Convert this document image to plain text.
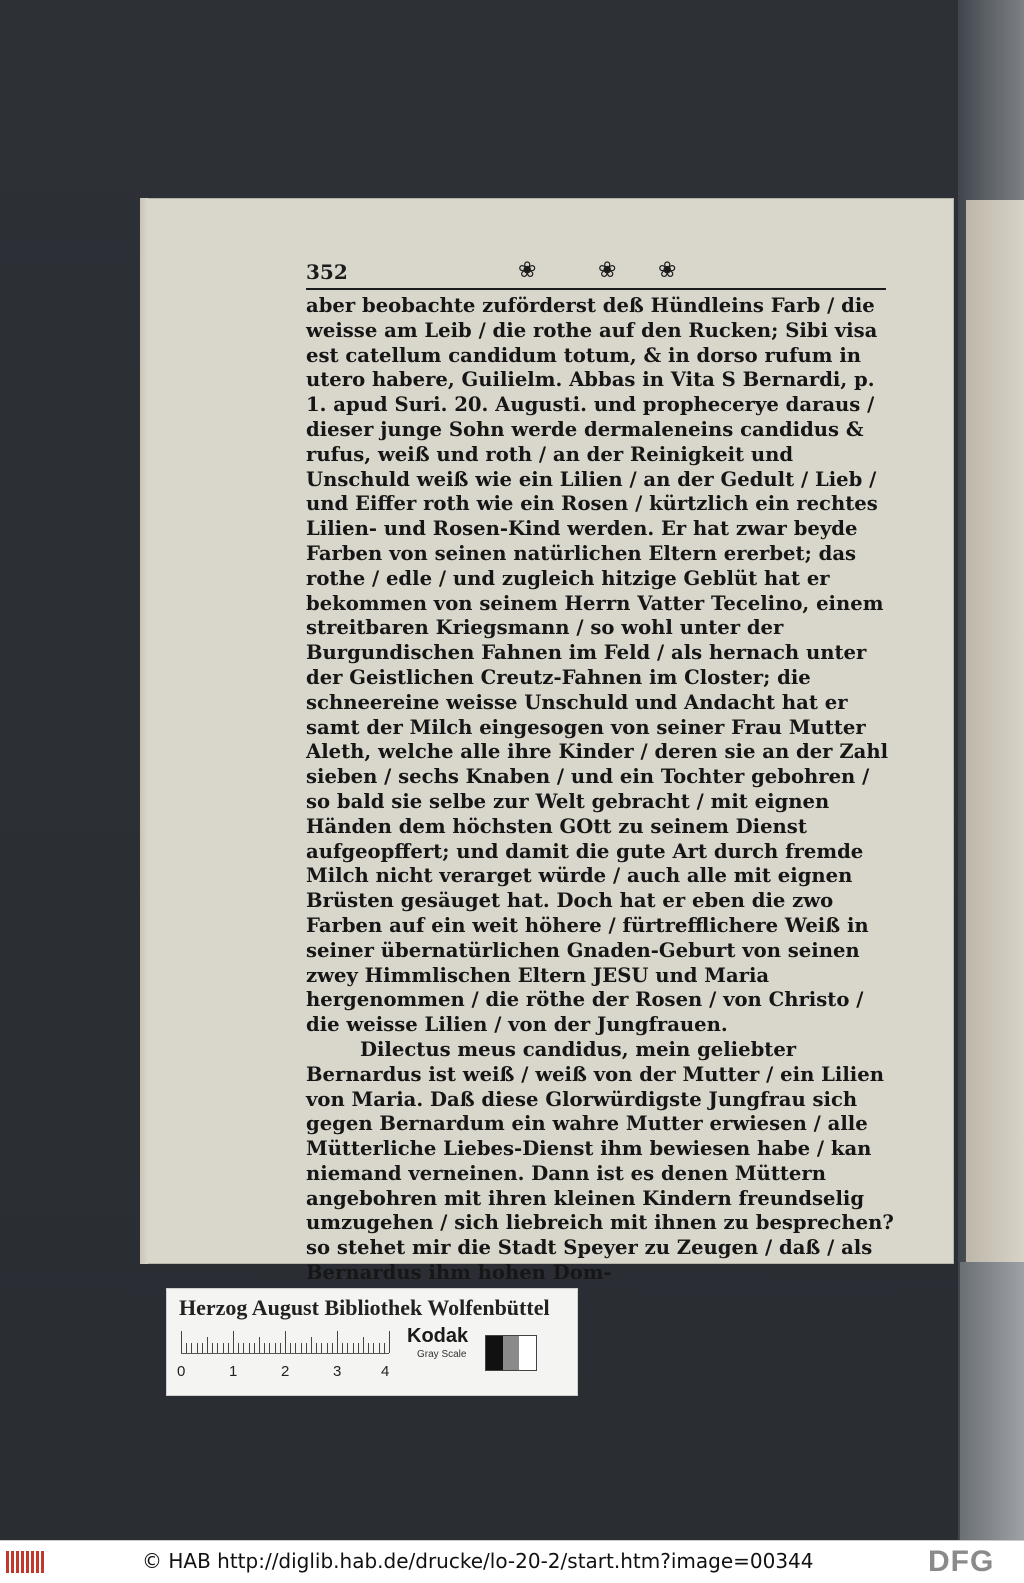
352	❀	❀ ❀

aber beobachte zuförderst deß Hündleins Farb / die weisse am Leib / die rothe auf den Rucken; Sibi visa est catellum candidum totum, & in dorso rufum in utero habere, Guilielm. Abbas in Vita S Bernardi, p. 1. apud Suri. 20. Augusti. und prophecerye daraus / dieser junge Sohn werde dermaleneins candidus & rufus, weiß und roth / an der Reinigkeit und Unschuld weiß wie ein Lilien / an der Gedult / Lieb / und Eiffer roth wie ein Rosen / kürtzlich ein rechtes Lilien- und Rosen-Kind werden. Er hat zwar beyde Farben von seinen natürlichen Eltern ererbet; das rothe / edle / und zugleich hitzige Geblüt hat er bekommen von seinem Herrn Vatter Tecelino, einem streitbaren Kriegsmann / so wohl unter der Burgundischen Fahnen im Feld / als hernach unter der Geistlichen Creutz-Fahnen im Closter; die schneereine weisse Unschuld und Andacht hat er samt der Milch eingesogen von seiner Frau Mutter Aleth, welche alle ihre Kinder / deren sie an der Zahl sieben / sechs Knaben / und ein Tochter gebohren / so bald sie selbe zur Welt gebracht / mit eignen Händen dem höchsten GOtt zu seinem Dienst aufgeopffert; und damit die gute Art durch fremde Milch nicht verarget würde / auch alle mit eignen Brüsten gesäuget hat. Doch hat er eben die zwo Farben auf ein weit höhere / fürtrefflichere Weiß in seiner übernatürlichen Gnaden-Geburt von seinen zwey Himmlischen Eltern JESU und Maria hergenommen / die röthe der Rosen / von Christo / die weisse Lilien / von der Jungfrauen.

Dilectus meus candidus, mein geliebter Bernardus ist weiß / weiß von der Mutter / ein Lilien von Maria. Daß diese Glorwürdigste Jungfrau sich gegen Bernardum ein wahre Mutter erwiesen / alle Mütterliche Liebes-Dienst ihm bewiesen habe / kan niemand verneinen. Dann ist es denen Müttern angebohren mit ihren kleinen Kindern freundselig umzugehen / sich liebreich mit ihnen zu besprechen? so stehet mir die Stadt Speyer zu Zeugen / daß / als Bernardus ihm hohen Dom-

Herzog August Bibliothek Wolfenbüttel
0	1	2	3	4
Kodak
Gray Scale
© HAB http://diglib.hab.de/drucke/lo-20-2/start.htm?image=00344	DFG
